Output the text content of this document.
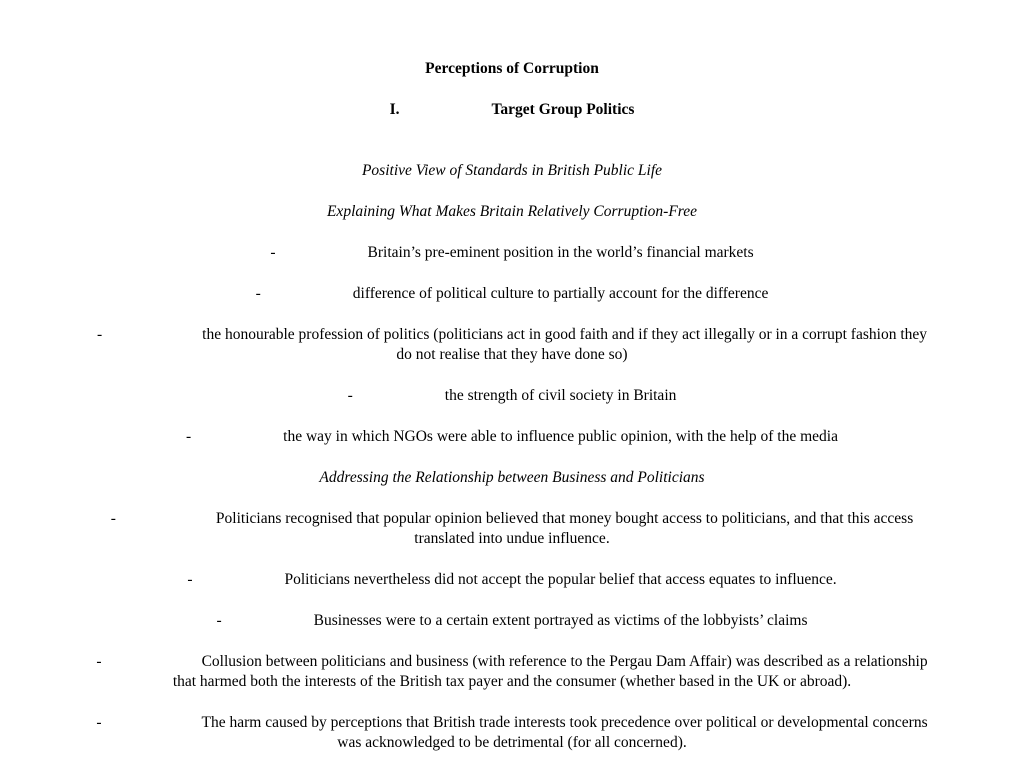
Perceptions of Corruption
I.	Target Group Politics
Positive View of Standards in British Public Life
Explaining What Makes Britain Relatively Corruption-Free
-	Britain’s pre-eminent position in the world’s financial markets
-	difference of political culture to partially account for the difference
-	the honourable profession of politics (politicians act in good faith and if they act illegally or in a corrupt fashion they do not realise that they have done so)
-	the strength of civil society in Britain
-	the way in which NGOs were able to influence public opinion, with the help of the media
Addressing the Relationship between Business and Politicians
-	Politicians recognised that popular opinion believed that money bought access to politicians, and that this access translated into undue influence.
-	Politicians nevertheless did not accept the popular belief that access equates to influence.
-	Businesses were to a certain extent portrayed as victims of the lobbyists’ claims
-	Collusion between politicians and business (with reference to the Pergau Dam Affair) was described as a relationship that harmed both the interests of the British tax payer and the consumer (whether based in the UK or abroad).
-	The harm caused by perceptions that British trade interests took precedence over political or developmental concerns was acknowledged to be detrimental (for all concerned).
